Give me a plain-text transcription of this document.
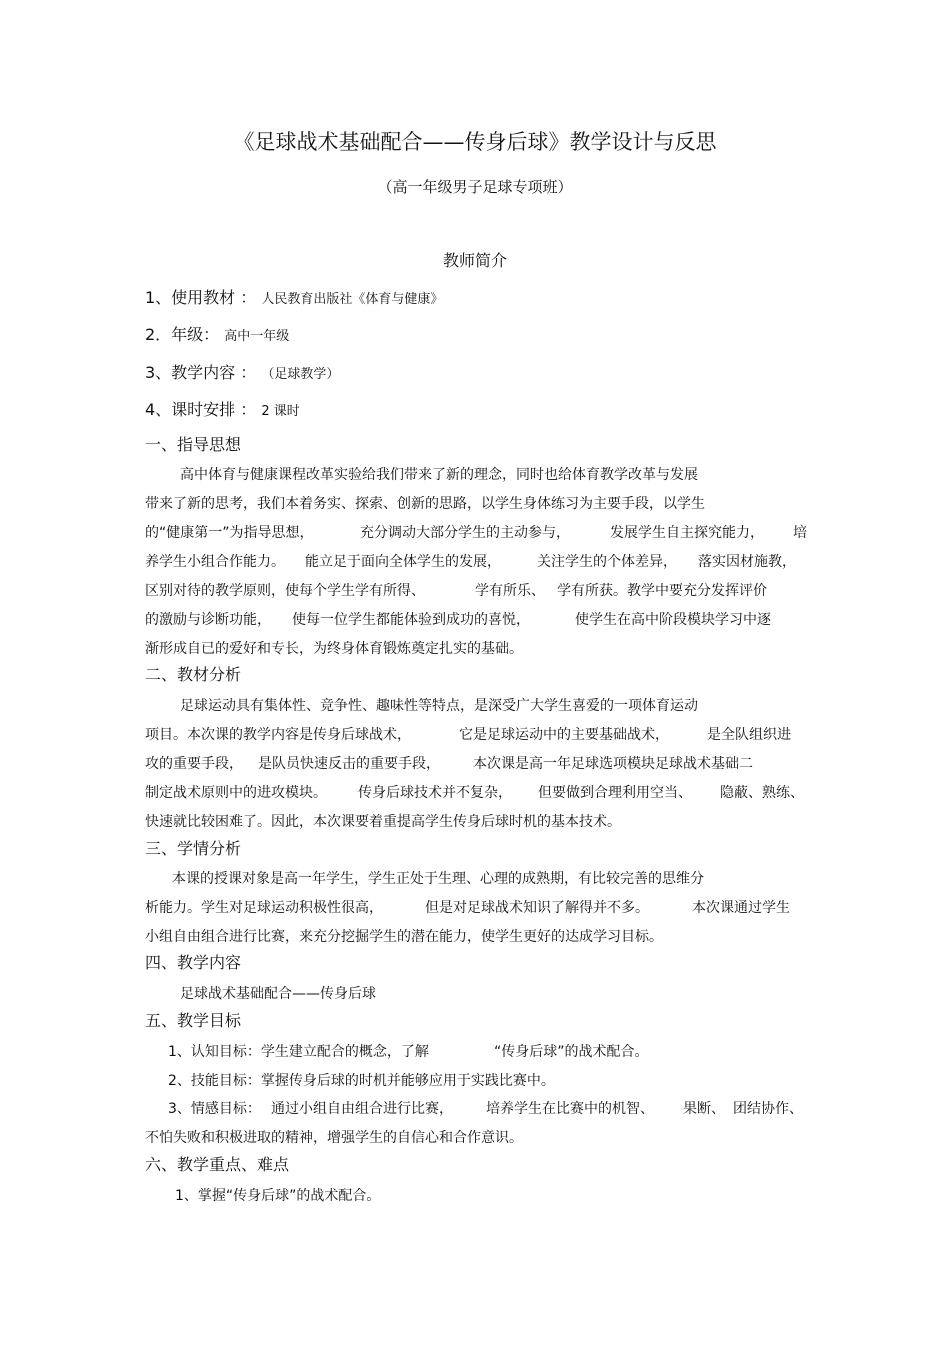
《足球战术基础配合——传身后球》教学设计与反思
（高一年级男子足球专项班）
教师简介
1、使用教材 ： 人民教育出版社《体育与健康》
2．年级： 高中一年级
3、教学内容 ： （足球教学）
4、课时安排 ： 2 课时
一、指导思想
高中体育与健康课程改革实验给我们带来了新的理念，同时也给体育教学改革与发展
带来了新的思考，我们本着务实、探索、创新的思路，以学生身体练习为主要手段，以学生
的“健康第一”为指导思想，	充分调动大部分学生的主动参与，	发展学生自主探究能力， 培
养学生小组合作能力。 能立足于面向全体学生的发展，	关注学生的个体差异， 落实因材施教，
区别对待的教学原则，使每个学生学有所得、	学有所乐、 学有所获。教学中要充分发挥评价
的激励与诊断功能， 使每一位学生都能体验到成功的喜悦，	使学生在高中阶段模块学习中逐
渐形成自已的爱好和专长，为终身体育锻炼奠定扎实的基础。
二、教材分析
足球运动具有集体性、竞争性、趣味性等特点，是深受广大学生喜爱的一项体育运动
项目。本次课的教学内容是传身后球战术，	它是足球运动中的主要基础战术，	是全队组织进
攻的重要手段， 是队员快速反击的重要手段， 本次课是高一年足球选项模块足球战术基础二
制定战术原则中的进攻模块。 传身后球技术并不复杂， 但要做到合理利用空当、 隐蔽、熟练、
快速就比较困难了。因此，本次课要着重提高学生传身后球时机的基本技术。
三、学情分析
本课的授课对象是高一年学生，学生正处于生理、心理的成熟期，有比较完善的思维分
析能力。学生对足球运动积极性很高，	但是对足球战术知识了解得并不多。	本次课通过学生
小组自由组合进行比赛，来充分挖掘学生的潜在能力，使学生更好的达成学习目标。
四、教学内容
足球战术基础配合——传身后球
五、教学目标
1、认知目标：学生建立配合的概念，了解	“传身后球”的战术配合。
2、技能目标：掌握传身后球的时机并能够应用于实践比赛中。
3、情感目标： 通过小组自由组合进行比赛， 培养学生在比赛中的机智、 果断、 团结协作、
不怕失败和积极进取的精神，增强学生的自信心和合作意识。
六、教学重点、难点
1、掌握“传身后球”的战术配合。
